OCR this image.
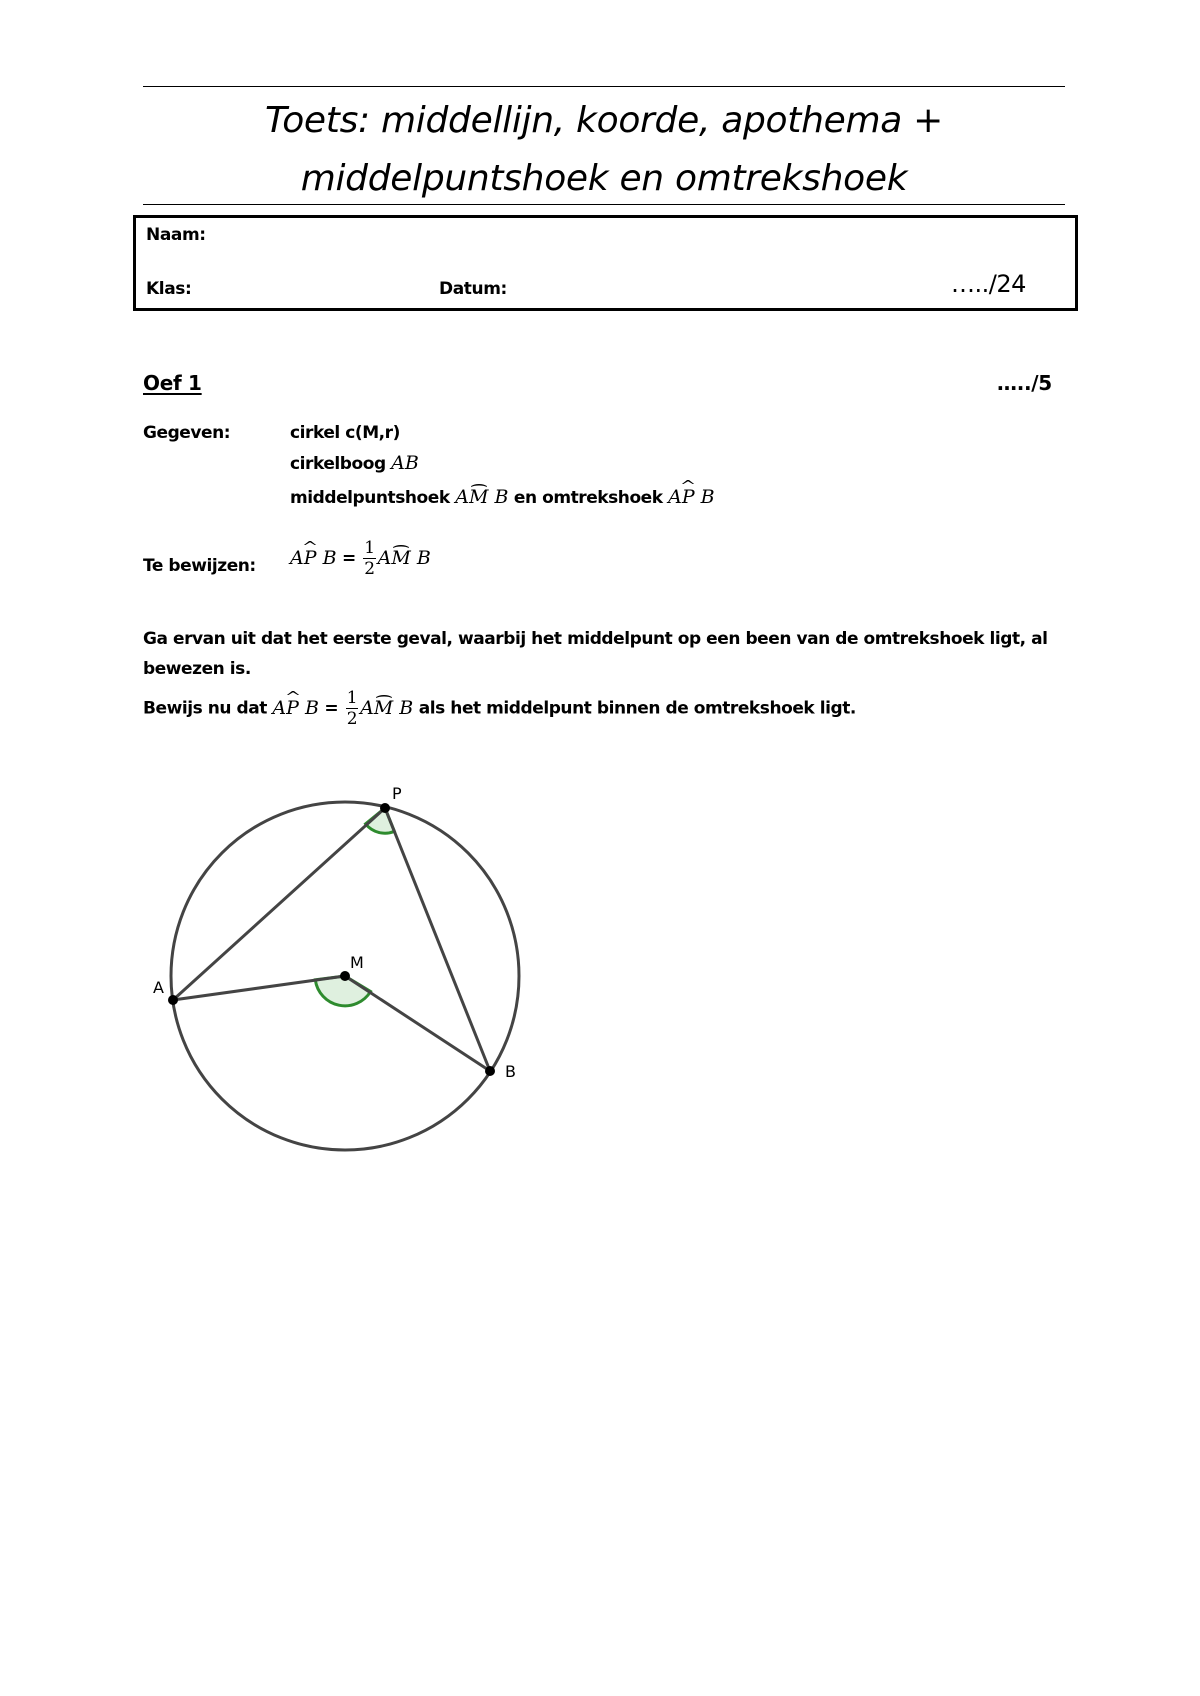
Toets: middellijn, koorde, apothema +
middelpuntshoek en omtrekshoek
Naam:
Klas:	Datum:	…../24
Oef 1	…../5
Gegeven:	cirkel c(M,r)
cirkelboog AB
middelpuntshoek A⌢ M B en omtrekshoek A^ P B
Te bewijzen: A^ P $B = \frac{1}{2}$ A⌢ M B
Ga ervan uit dat het eerste geval, waarbij het middelpunt op een been van de omtrekshoek ligt, al bewezen is.
Bewijs nu dat A^ P $B = \frac{1}{2}$ A⌢ M B als het middelpunt binnen de omtrekshoek ligt.
P
M
A
B
